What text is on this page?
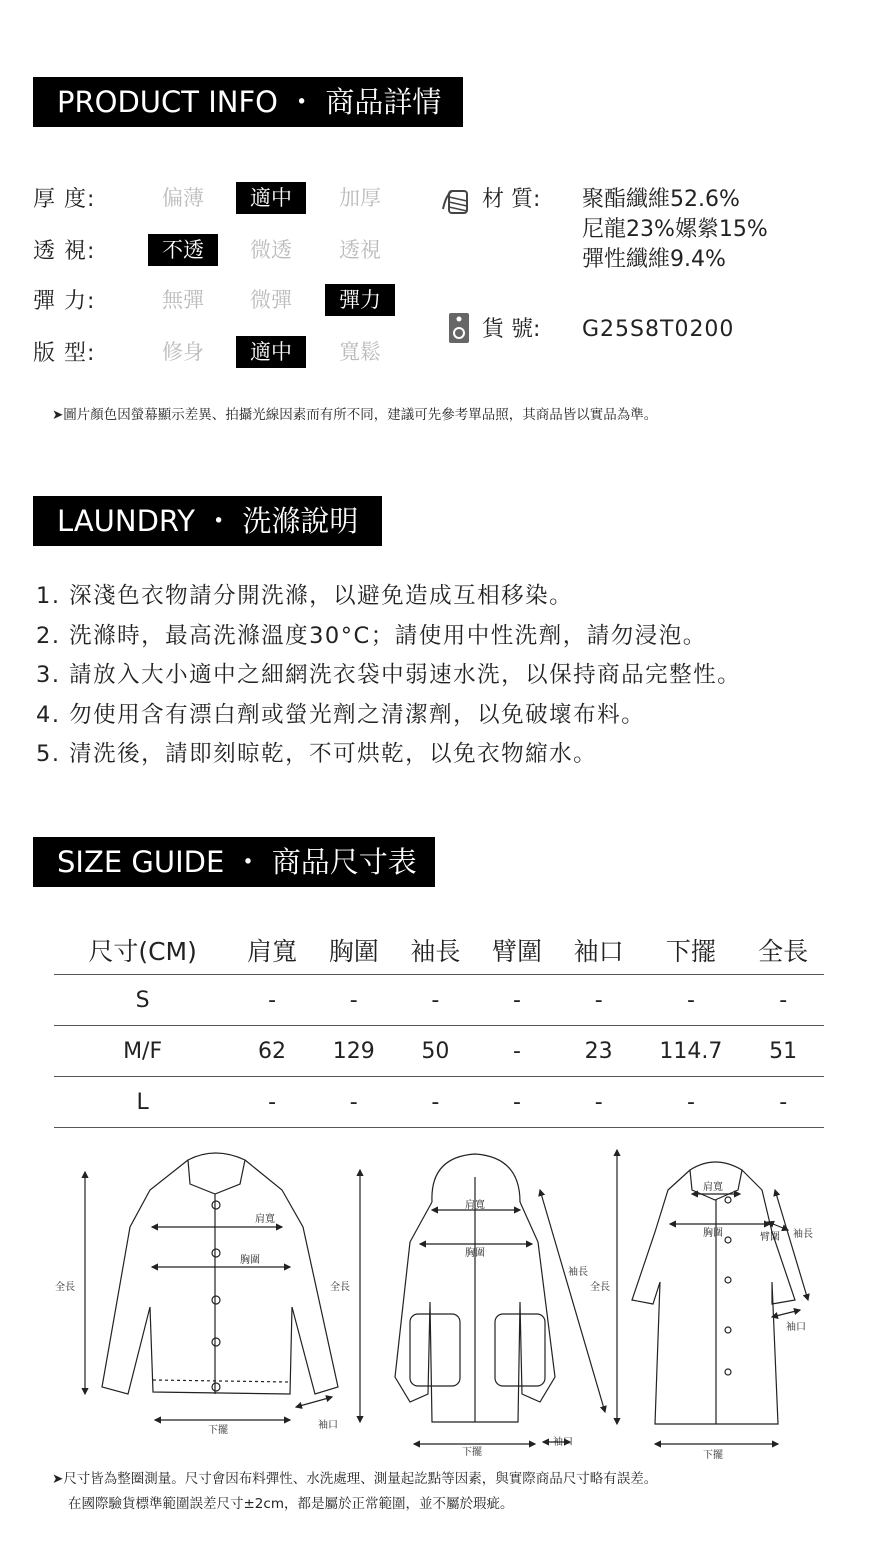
PRODUCT INFO ・ 商品詳情
厚 度:	偏薄	適中	加厚
透 視:	不透	微透	透視
彈 力:	無彈	微彈	彈力
版 型:	修身	適中	寬鬆
材 質: 聚酯纖維52.6%
尼龍23%嫘縈15%
彈性纖維9.4%
貨 號: G25S8T0200
➤圖片顏色因螢幕顯示差異、拍攝光線因素而有所不同，建議可先參考單品照，其商品皆以實品為準。
LAUNDRY ・ 洗滌說明
1. 深淺色衣物請分開洗滌，以避免造成互相移染。
2. 洗滌時，最高洗滌溫度30°C；請使用中性洗劑，請勿浸泡。
3. 請放入大小適中之細網洗衣袋中弱速水洗，以保持商品完整性。
4. 勿使用含有漂白劑或螢光劑之清潔劑，以免破壞布料。
5. 清洗後，請即刻晾乾，不可烘乾，以免衣物縮水。
SIZE GUIDE ・ 商品尺寸表
尺寸(CM)	肩寬	胸圍	袖長	臂圍	袖口	下擺	全長
S	-	-	-	-	-	-	-
M/F	62	129	50	-	23	114.7	51
L	-	-	-	-	-	-	-
全長
肩寬
胸圍
下擺	袖口
全長
肩寬
胸圍
袖長
下擺
袖口
全長
肩寬
胸圍	臂圍 袖長
袖口
下擺
➤尺寸皆為整圈測量。尺寸會因布料彈性、水洗處理、測量起訖點等因素，與實際商品尺寸略有誤差。
在國際驗貨標準範圍誤差尺寸±2cm，都是屬於正常範圍，並不屬於瑕疵。
